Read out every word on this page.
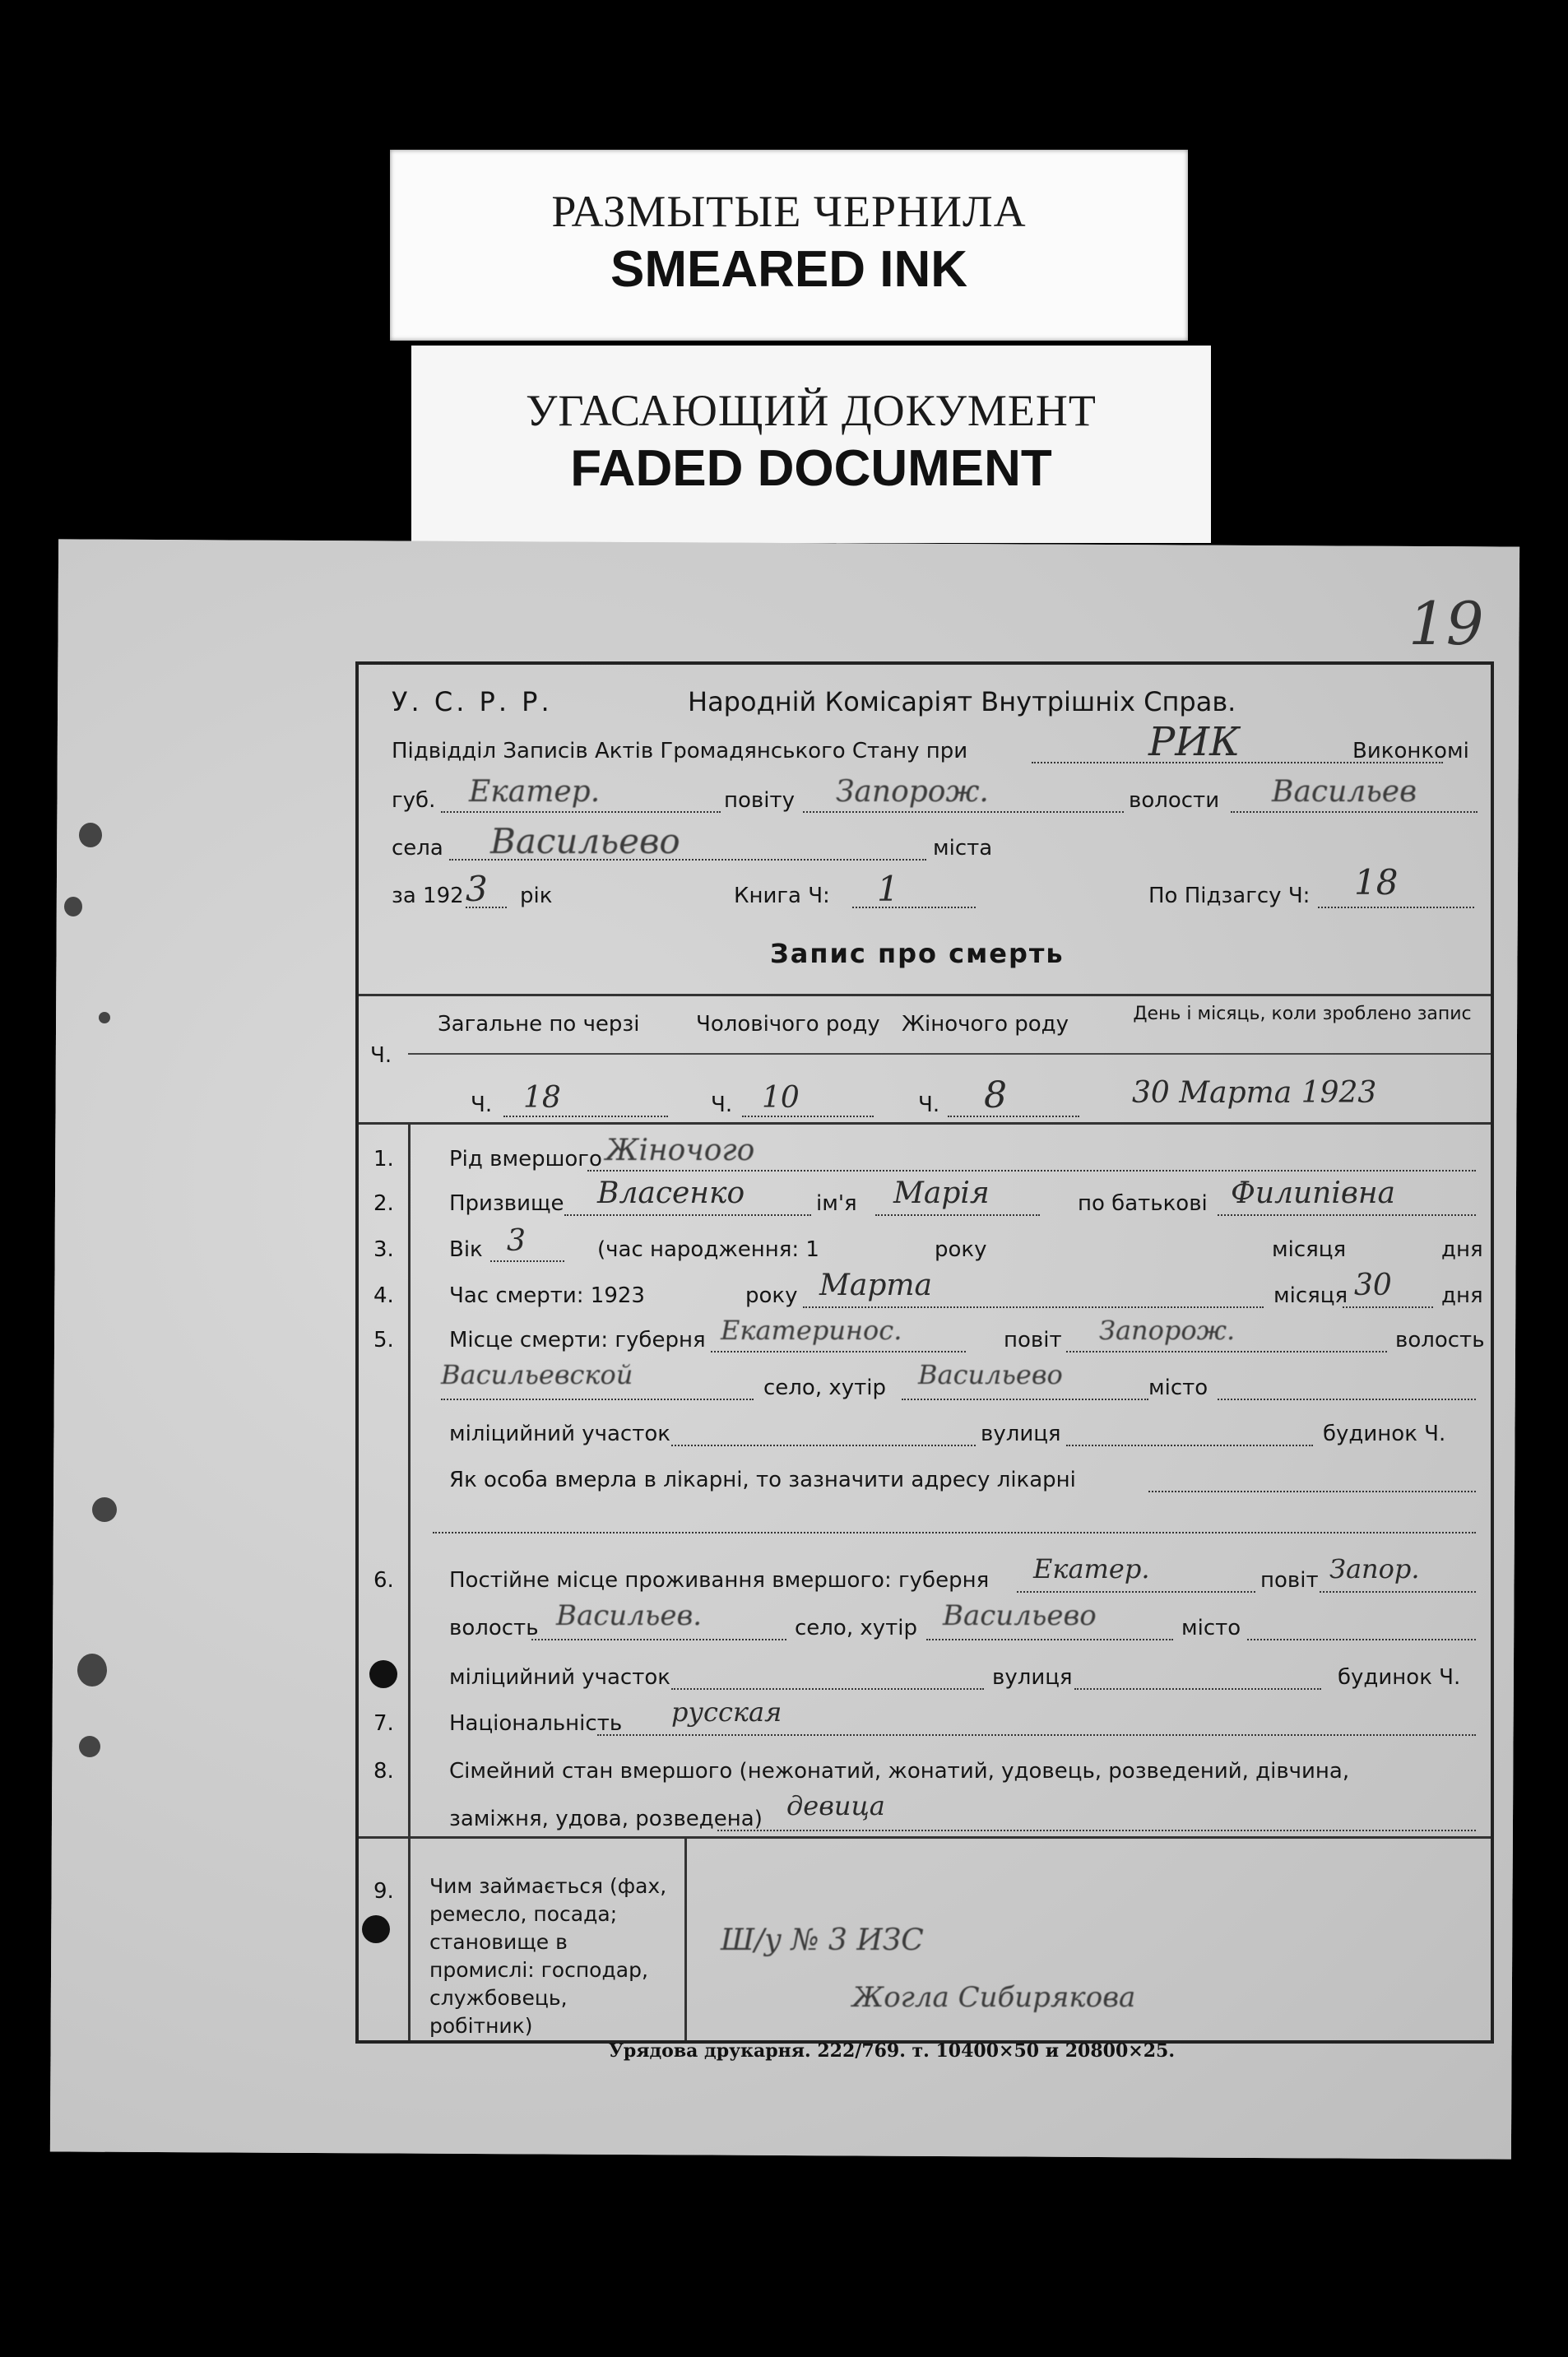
РАЗМЫТЫЕ ЧЕРНИЛА
SMEARED INK
УГАСАЮЩИЙ ДОКУМЕНТ
FADED DOCUMENT
19
У. С. Р. Р.	Народній Комісаріят Внутрішніх Справ.
Підвідділ Записів Актів Громадянського Стану при	РИК	Виконкомі
губ. Екатер.	повіту Запорож.	волости Васильев
села Васильево	міста
за 192 3 рік	Книга Ч: 1	По Підзагсу Ч: 18
Запис про смерть
Ч.
Загальне по черзі	Чоловічого роду Жіночого роду	День і місяць, коли зроблено запис
Ч. 18	Ч. 10	Ч. 8	30 Марта 1923
1.	Рід вмершого Жіночого
2.	Призвище Власенко	ім'я Марія	по батькові Филипівна
3.	Вік 3	(час народження: 1	року	місяця	дня
4.	Час смерти: 1923	року Марта	місяця 30 дня
5.	Місце смерти: губерня Екатеринос.	повіт Запорож.	волость
Васильевской	село, хутір Васильево	місто
міліцийний участок	вулиця	будинок Ч.
Як особа вмерла в лікарні, то зазначити адресу лікарні
6.	Постійне місце проживання вмершого: губерня Екатер.	повіт Запор.
волость Васильев.	село, хутір Васильево	місто
міліцийний участок	вулиця	будинок Ч.
7.	Національність русская
8.	Сімейний стан вмершого (нежонатий, жонатий, удовець, розведений, дівчина,
заміжня, удова, розведена) девица
9. Чим займається (фах, ремесло, посада; становище в промислі: господар, службовець, робітник)
Ш/у № 3 ИЗС
Жогла Сибирякова
Урядова друкарня. 222/769. т. 10400×50 и 20800×25.
